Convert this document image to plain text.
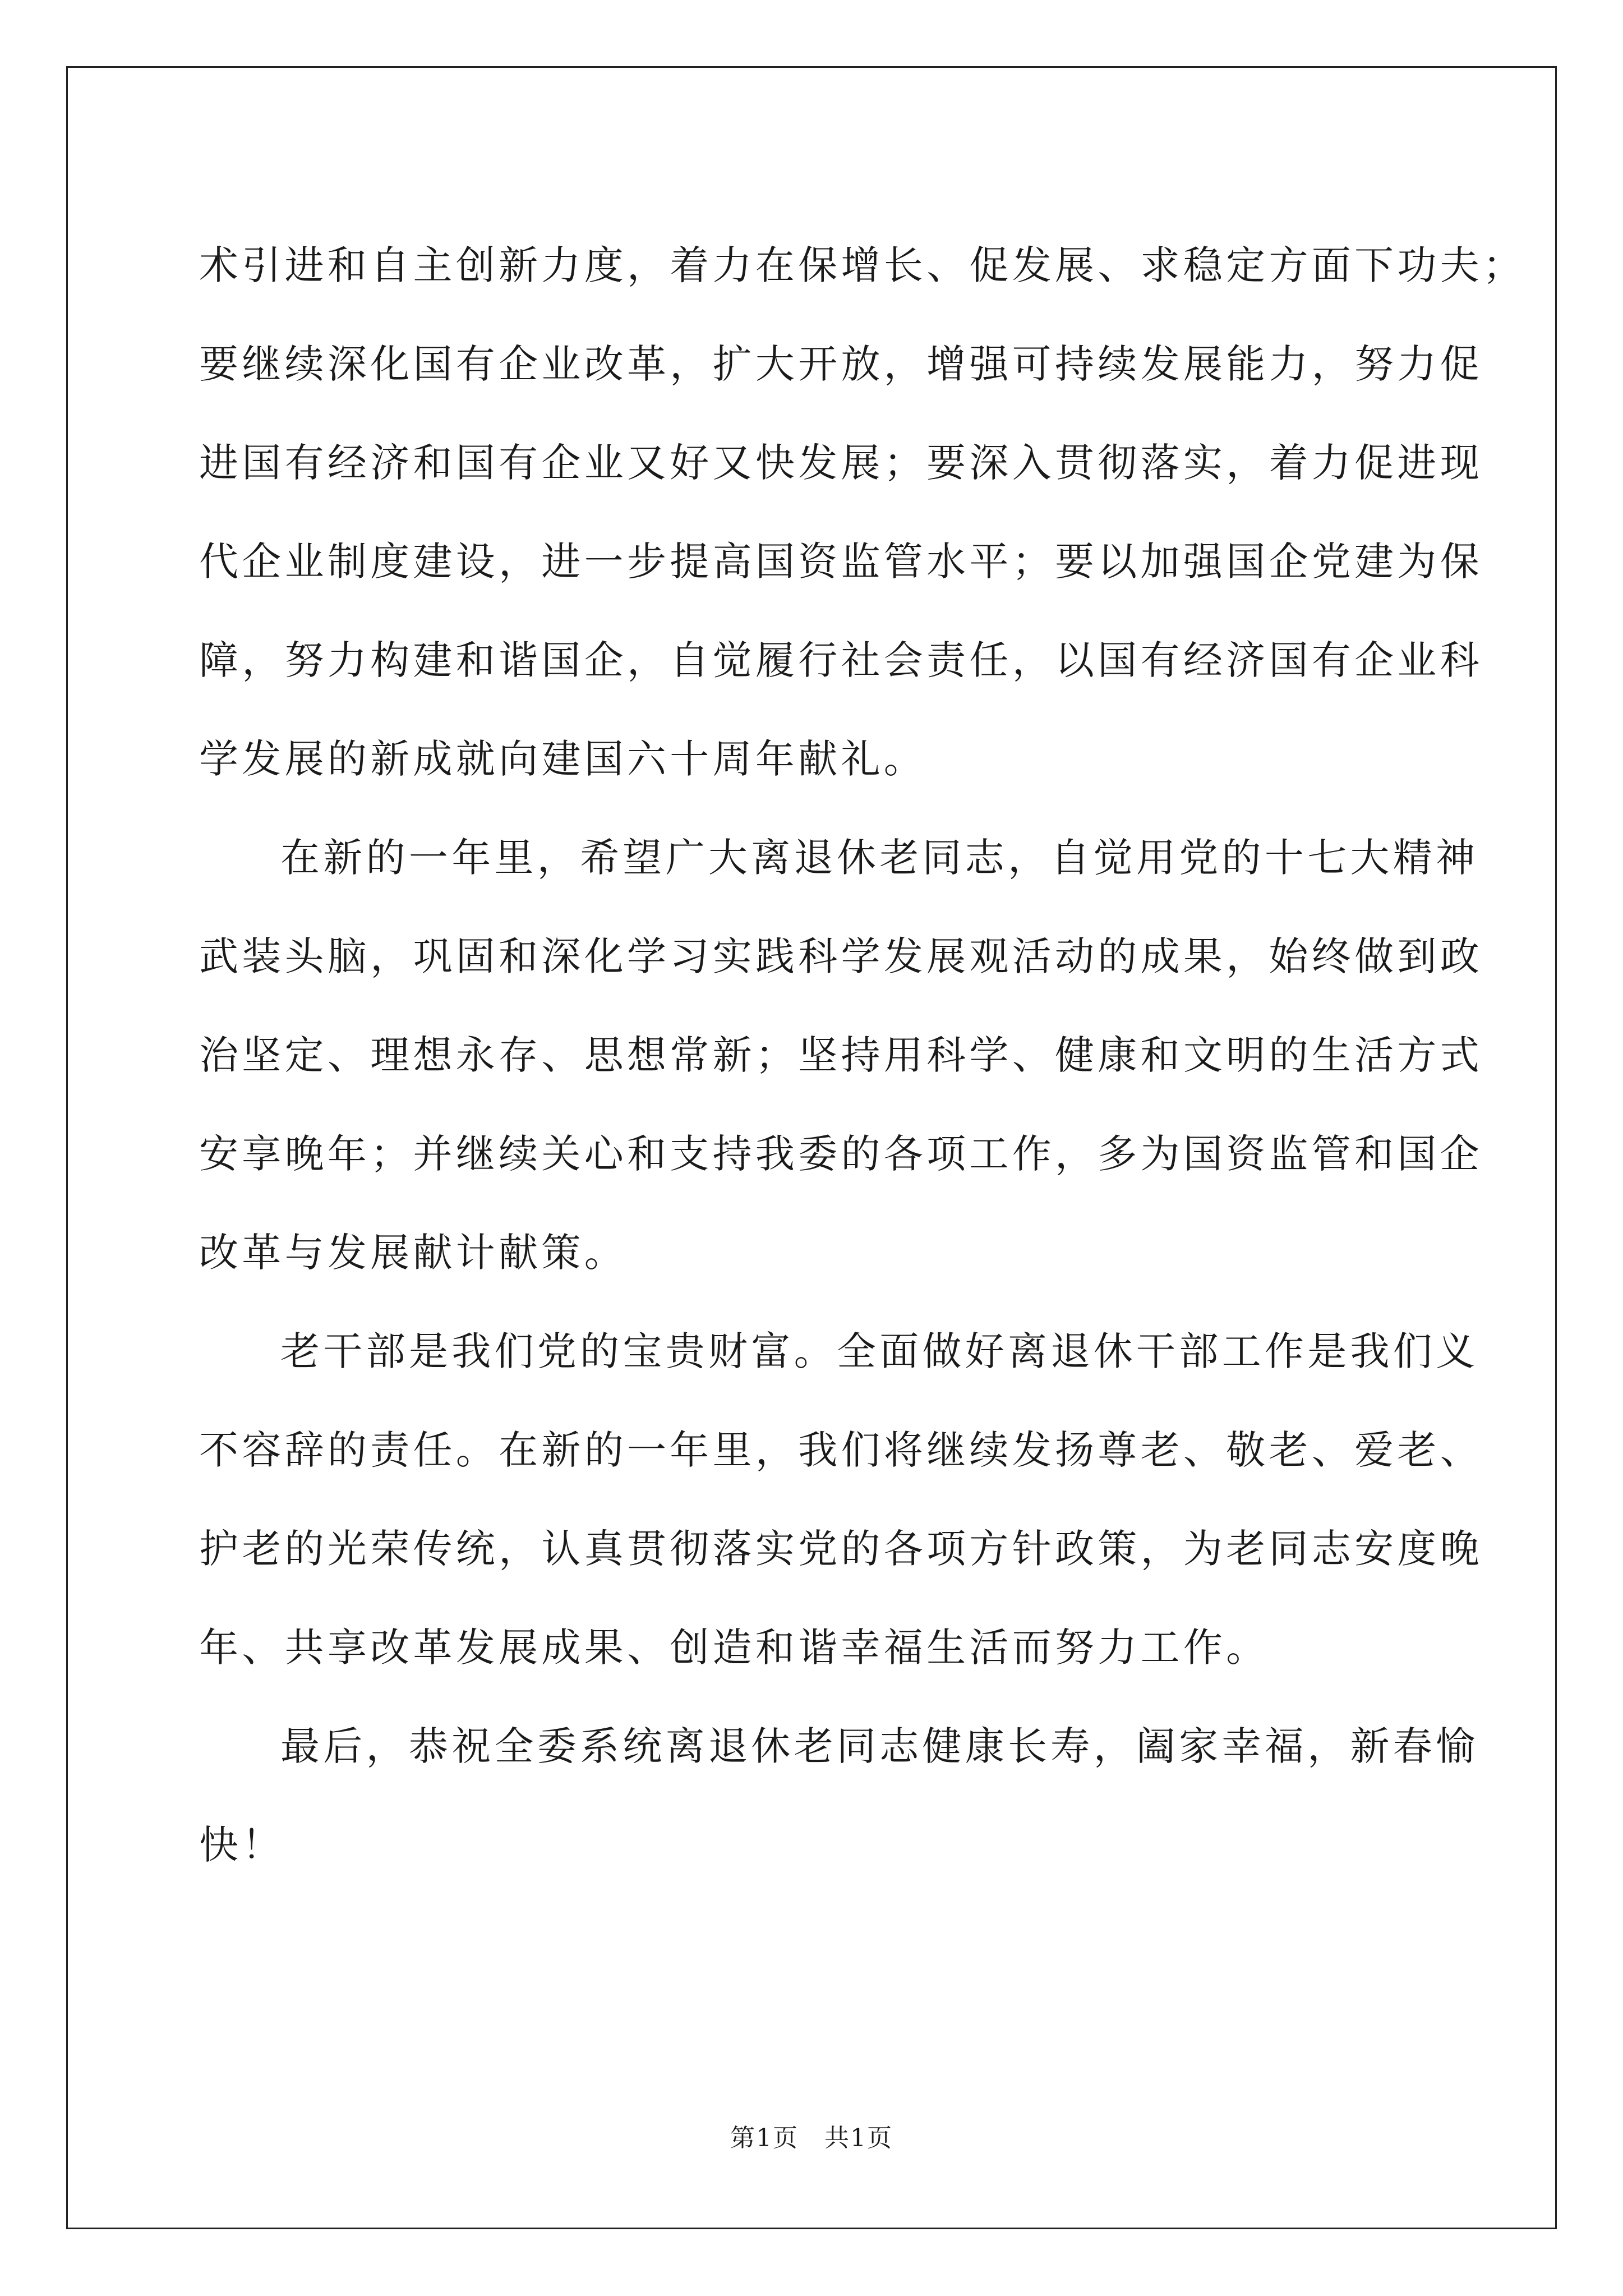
术引进和自主创新力度，着力在保增长、促发展、求稳定方面下功夫；
要继续深化国有企业改革，扩大开放，增强可持续发展能力，努力促
进国有经济和国有企业又好又快发展；要深入贯彻落实，着力促进现
代企业制度建设，进一步提高国资监管水平；要以加强国企党建为保
障，努力构建和谐国企，自觉履行社会责任，以国有经济国有企业科
学发展的新成就向建国六十周年献礼。
在新的一年里，希望广大离退休老同志，自觉用党的十七大精神
武装头脑，巩固和深化学习实践科学发展观活动的成果，始终做到政
治坚定、理想永存、思想常新；坚持用科学、健康和文明的生活方式
安享晚年；并继续关心和支持我委的各项工作，多为国资监管和国企
改革与发展献计献策。
老干部是我们党的宝贵财富。全面做好离退休干部工作是我们义
不容辞的责任。在新的一年里，我们将继续发扬尊老、敬老、爱老、
护老的光荣传统，认真贯彻落实党的各项方针政策，为老同志安度晚
年、共享改革发展成果、创造和谐幸福生活而努力工作。
最后，恭祝全委系统离退休老同志健康长寿，阖家幸福，新春愉
快！
第1页　共1页
